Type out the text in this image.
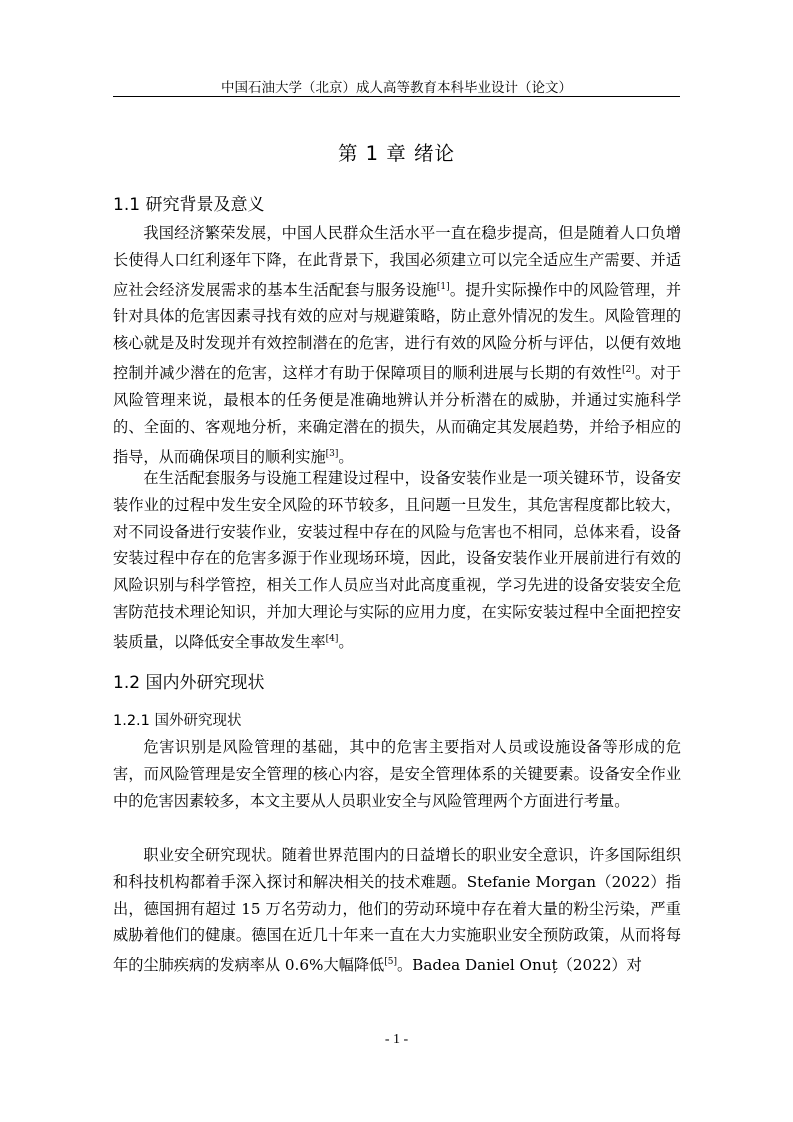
中国石油大学（北京）成人高等教育本科毕业设计（论文）
第 1 章 绪论
1.1 研究背景及意义

我国经济繁荣发展，中国人民群众生活水平一直在稳步提高，但是随着人口负增长使得人口红利逐年下降，在此背景下，我国必须建立可以完全适应生产需要、并适应社会经济发展需求的基本生活配套与服务设施[1]。提升实际操作中的风险管理，并针对具体的危害因素寻找有效的应对与规避策略，防止意外情况的发生。风险管理的核心就是及时发现并有效控制潜在的危害，进行有效的风险分析与评估，以便有效地控制并减少潜在的危害，这样才有助于保障项目的顺利进展与长期的有效性[2]。对于风险管理来说，最根本的任务便是准确地辨认并分析潜在的威胁，并通过实施科学的、全面的、客观地分析，来确定潜在的损失，从而确定其发展趋势，并给予相应的指导，从而确保项目的顺利实施[3]。

在生活配套服务与设施工程建设过程中，设备安装作业是一项关键环节，设备安装作业的过程中发生安全风险的环节较多，且问题一旦发生，其危害程度都比较大，对不同设备进行安装作业，安装过程中存在的风险与危害也不相同，总体来看，设备安装过程中存在的危害多源于作业现场环境，因此，设备安装作业开展前进行有效的风险识别与科学管控，相关工作人员应当对此高度重视，学习先进的设备安装安全危害防范技术理论知识，并加大理论与实际的应用力度，在实际安装过程中全面把控安装质量，以降低安全事故发生率[4]。

1.2 国内外研究现状
1.2.1 国外研究现状

危害识别是风险管理的基础，其中的危害主要指对人员或设施设备等形成的危害，而风险管理是安全管理的核心内容，是安全管理体系的关键要素。设备安全作业中的危害因素较多，本文主要从人员职业安全与风险管理两个方面进行考量。

职业安全研究现状。随着世界范围内的日益增长的职业安全意识，许多国际组织和科技机构都着手深入探讨和解决相关的技术难题。Stefanie Morgan（2022）指出，德国拥有超过 15 万名劳动力，他们的劳动环境中存在着大量的粉尘污染，严重威胁着他们的健康。德国在近几十年来一直在大力实施职业安全预防政策，从而将每年的尘肺疾病的发病率从 0.6%大幅降低[5]。Badea Daniel Onuț（2022）对

- 1 -
